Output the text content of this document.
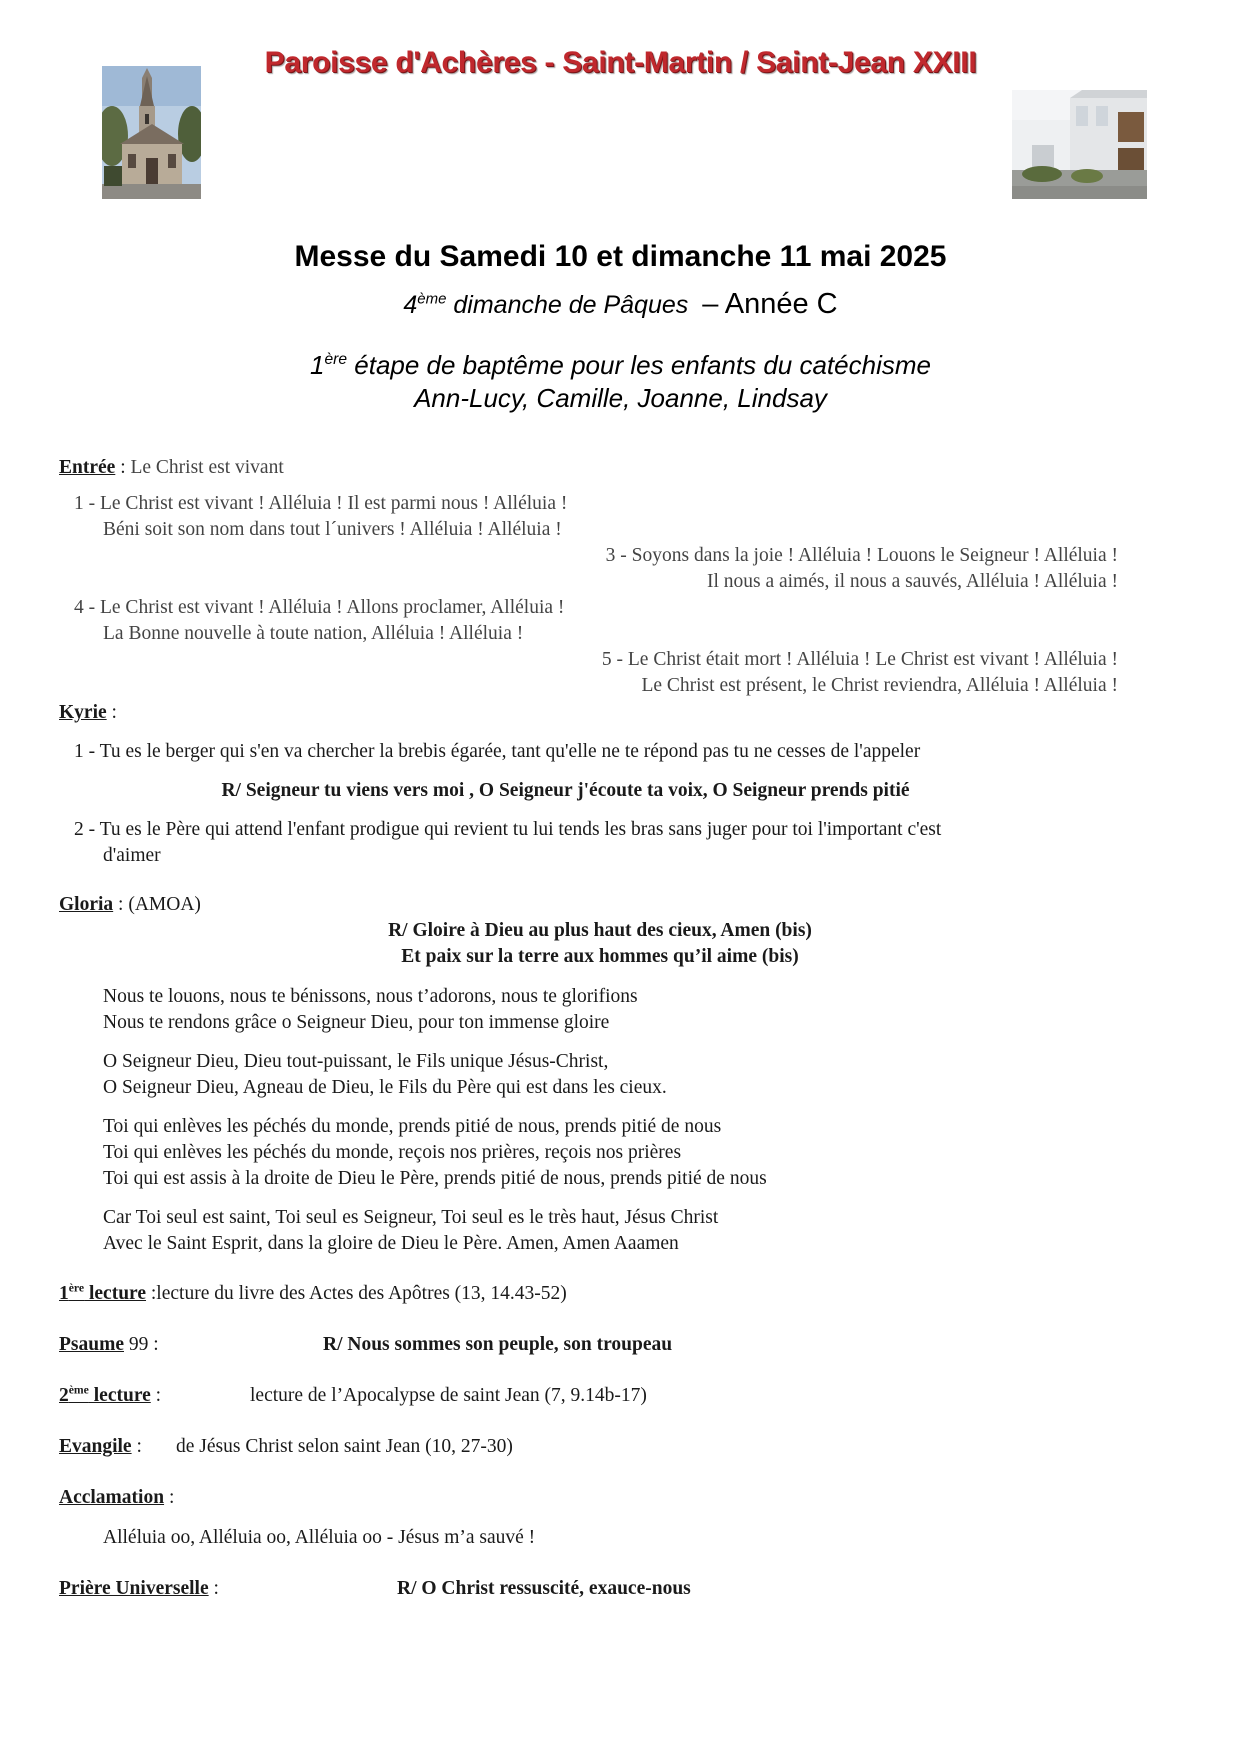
Paroisse d'Achères - Saint-Martin / Saint-Jean XXIII
Messe du Samedi 10 et dimanche 11 mai 2025
4ème dimanche de Pâques – Année C
1ère étape de baptême pour les enfants du catéchisme
Ann-Lucy, Camille, Joanne, Lindsay
Entrée : Le Christ est vivant
1 - Le Christ est vivant ! Alléluia ! Il est parmi nous ! Alléluia !
Béni soit son nom dans tout l´univers ! Alléluia ! Alléluia !
3 - Soyons dans la joie ! Alléluia ! Louons le Seigneur ! Alléluia !
Il nous a aimés, il nous a sauvés, Alléluia ! Alléluia !
4 - Le Christ est vivant ! Alléluia ! Allons proclamer, Alléluia !
La Bonne nouvelle à toute nation, Alléluia ! Alléluia !
5 - Le Christ était mort ! Alléluia ! Le Christ est vivant ! Alléluia !
Le Christ est présent, le Christ reviendra, Alléluia ! Alléluia !
Kyrie :
1 - Tu es le berger qui s'en va chercher la brebis égarée, tant qu'elle ne te répond pas tu ne cesses de l'appeler
R/ Seigneur tu viens vers moi , O Seigneur j'écoute ta voix, O Seigneur prends pitié
2 - Tu es le Père qui attend l'enfant prodigue qui revient tu lui tends les bras sans juger pour toi l'important c'est
d'aimer
Gloria : (AMOA)
R/ Gloire à Dieu au plus haut des cieux, Amen (bis)
Et paix sur la terre aux hommes qu’il aime (bis)
Nous te louons, nous te bénissons, nous t’adorons, nous te glorifions
Nous te rendons grâce o Seigneur Dieu, pour ton immense gloire
O Seigneur Dieu, Dieu tout-puissant, le Fils unique Jésus-Christ,
O Seigneur Dieu, Agneau de Dieu, le Fils du Père qui est dans les cieux.
Toi qui enlèves les péchés du monde, prends pitié de nous, prends pitié de nous
Toi qui enlèves les péchés du monde, reçois nos prières, reçois nos prières
Toi qui est assis à la droite de Dieu le Père, prends pitié de nous, prends pitié de nous
Car Toi seul est saint, Toi seul es Seigneur, Toi seul es le très haut, Jésus Christ
Avec le Saint Esprit, dans la gloire de Dieu le Père. Amen, Amen Aaamen
1ère lecture :lecture du livre des Actes des Apôtres (13, 14.43-52)
Psaume 99 :	R/ Nous sommes son peuple, son troupeau
2ème lecture :	lecture de l’Apocalypse de saint Jean (7, 9.14b-17)
Evangile : de Jésus Christ selon saint Jean (10, 27-30)
Acclamation :
Alléluia oo, Alléluia oo, Alléluia oo - Jésus m’a sauvé !
Prière Universelle :	R/ O Christ ressuscité, exauce-nous
